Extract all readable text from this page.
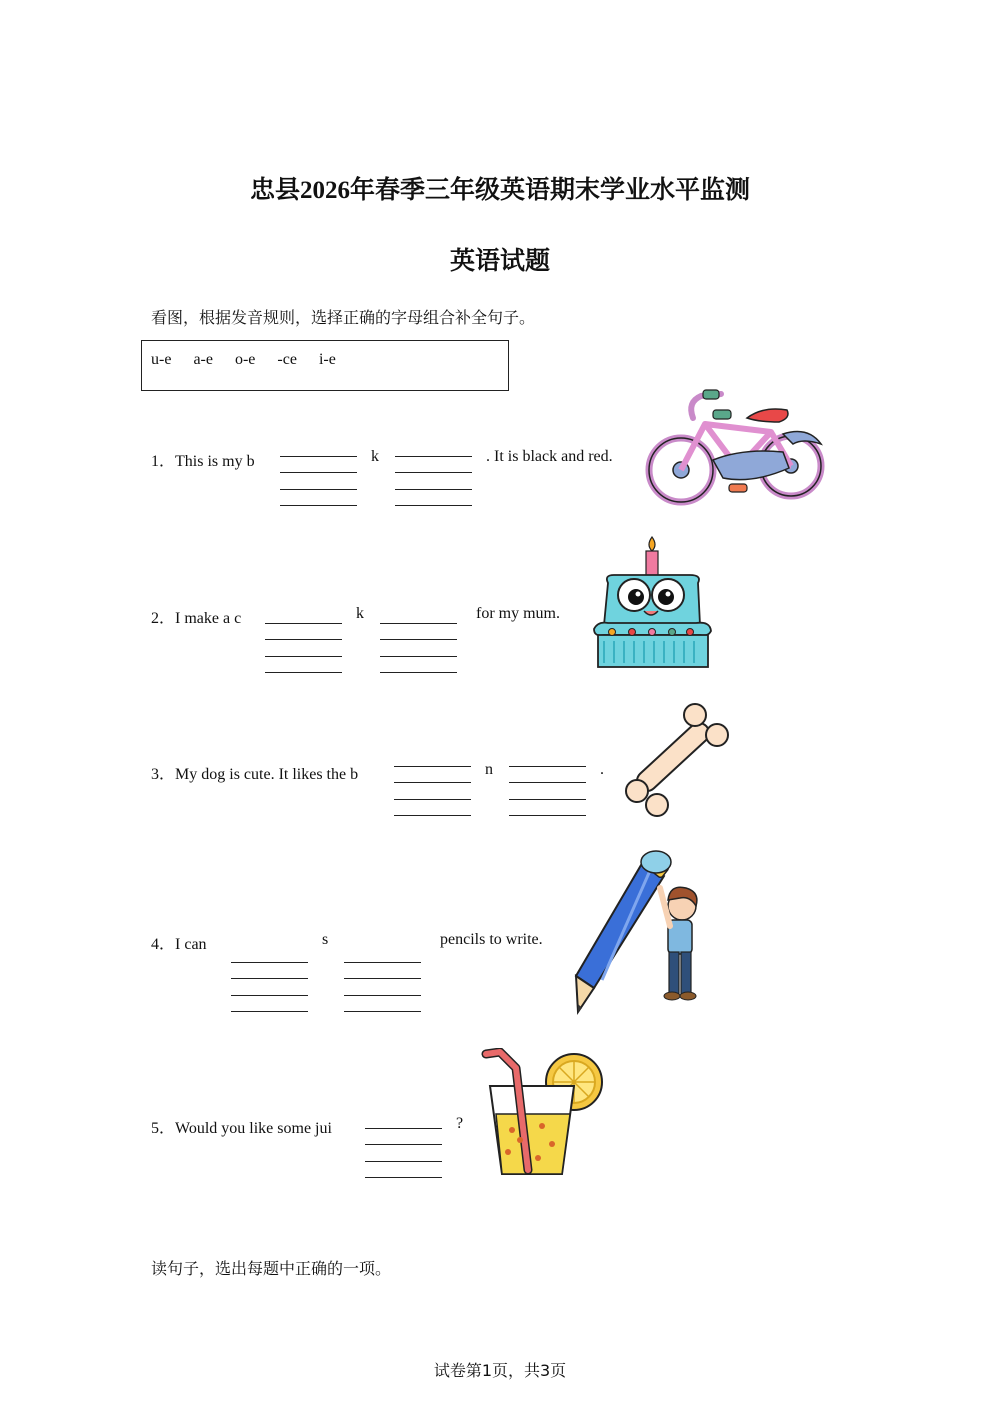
忠县2026年春季三年级英语期末学业水平监测
英语试题
看图，根据发音规则，选择正确的字母组合补全句子。
u-e a-e o-e -ce i-e
1．This is my b	k	. It is black and red.
2．I make a c	k	for my mum.
3．My dog is cute. It likes the b	n	.
4．I can	s	pencils to write.
5．Would you like some jui	?
读句子，选出每题中正确的一项。
试卷第1页，共3页
